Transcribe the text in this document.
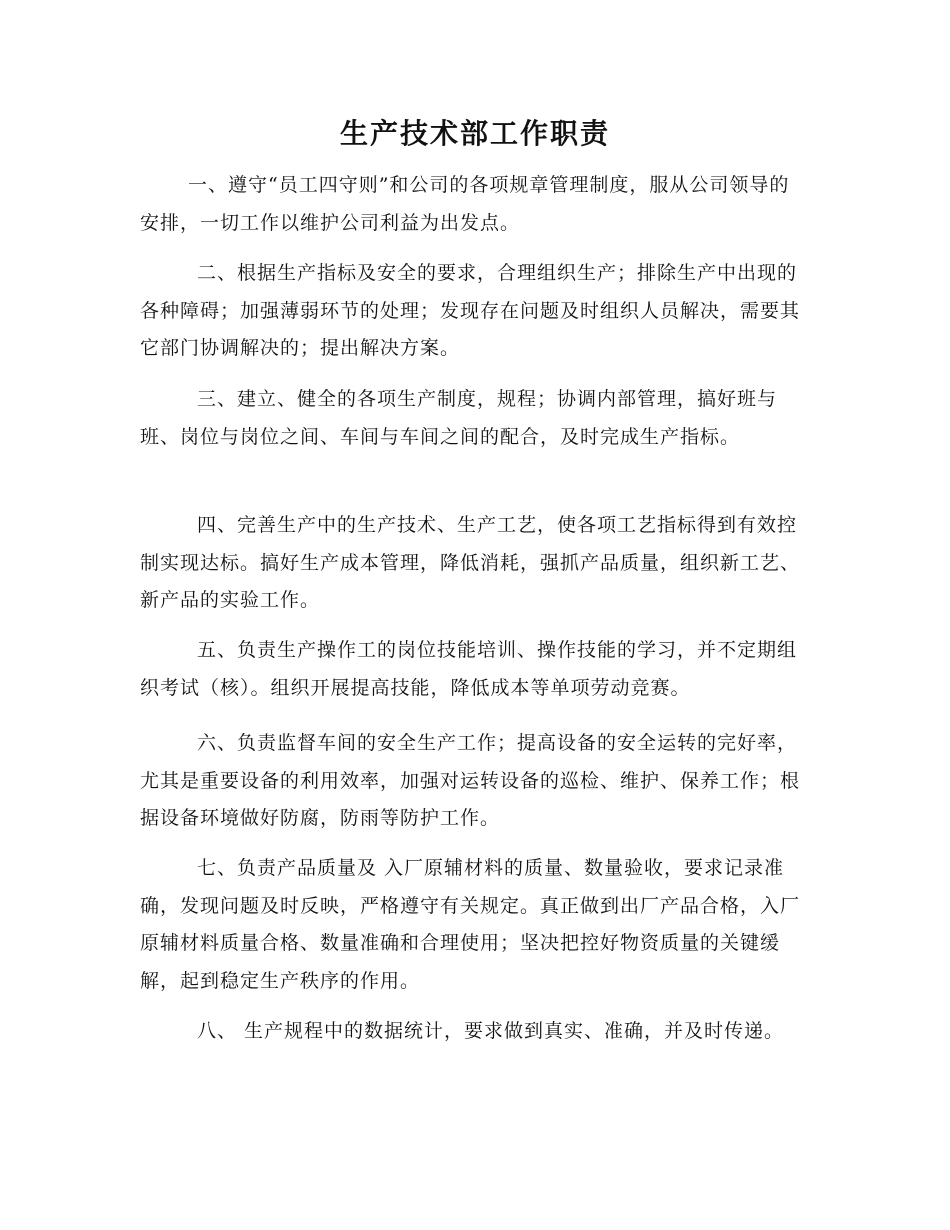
生产技术部工作职责

一、遵守“员工四守则”和公司的各项规章管理制度，服从公司领导的安排，一切工作以维护公司利益为出发点。

二、根据生产指标及安全的要求，合理组织生产；排除生产中出现的各种障碍；加强薄弱环节的处理；发现存在问题及时组织人员解决，需要其它部门协调解决的；提出解决方案。

三、建立、健全的各项生产制度，规程；协调内部管理，搞好班与班、岗位与岗位之间、车间与车间之间的配合，及时完成生产指标。

四、完善生产中的生产技术、生产工艺，使各项工艺指标得到有效控制实现达标。搞好生产成本管理，降低消耗，强抓产品质量，组织新工艺、新产品的实验工作。

五、负责生产操作工的岗位技能培训、操作技能的学习，并不定期组织考试（核）。组织开展提高技能，降低成本等单项劳动竞赛。

六、负责监督车间的安全生产工作；提高设备的安全运转的完好率，尤其是重要设备的利用效率，加强对运转设备的巡检、维护、保养工作；根据设备环境做好防腐，防雨等防护工作。

七、负责产品质量及 入厂原辅材料的质量、数量验收，要求记录准确，发现问题及时反映，严格遵守有关规定。真正做到出厂产品合格，入厂原辅材料质量合格、数量准确和合理使用；坚决把控好物资质量的关键缓解，起到稳定生产秩序的作用。

八、 生产规程中的数据统计，要求做到真实、准确，并及时传递。
